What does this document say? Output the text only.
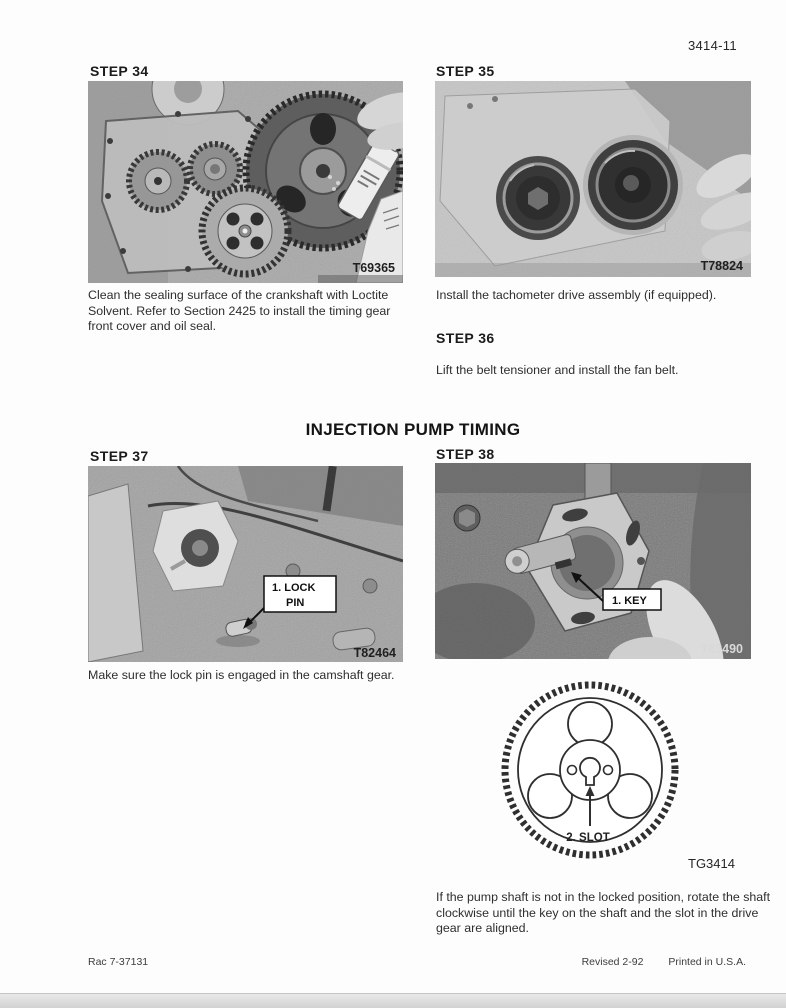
3414-11
STEP 34
T69365
Clean the sealing surface of the crankshaft with Loctite Solvent. Refer to Section 2425 to install the timing gear front cover and oil seal.
STEP 35
T78824
Install the tachometer drive assembly (if equipped).
STEP 36
Lift the belt tensioner and install the fan belt.
INJECTION PUMP TIMING
STEP 37
1. LOCK
PIN
T82464
Make sure the lock pin is engaged in the camshaft gear.
STEP 38
1. KEY
T83490
2. SLOT
TG3414
If the pump shaft is not in the locked position, rotate the shaft clockwise until the key on the shaft and the slot in the drive gear are aligned.
Rac 7-37131	Revised 2-92 Printed in U.S.A.
